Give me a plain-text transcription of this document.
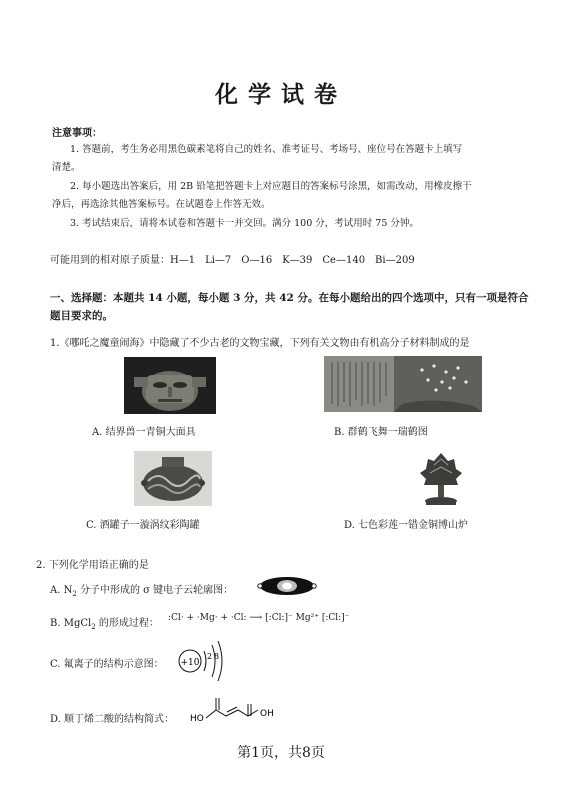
化学试卷
注意事项：
1. 答题前，考生务必用黑色碳素笔将自己的姓名、准考证号、考场号、座位号在答题卡上填写
清楚。
2. 每小题选出答案后，用 2B 铅笔把答题卡上对应题目的答案标号涂黑，如需改动，用橡皮擦干
净后，再选涂其他答案标号。在试题卷上作答无效。
3. 考试结束后，请将本试卷和答题卡一并交回。满分 100 分，考试用时 75 分钟。
可能用到的相对原子质量：H—1　Li—7　O—16　K—39　Ce—140　Bi—209
一、选择题：本题共 14 小题，每小题 3 分，共 42 分。在每小题给出的四个选项中，只有一项是符合
题目要求的。
1.《哪吒之魔童闹海》中隐藏了不少古老的文物宝藏，下列有关文物由有机高分子材料制成的是
A. 结界兽一青铜大面具	B. 群鹤飞舞一瑞鹤图
C. 酒罐子一漩涡纹彩陶罐	D. 七色彩莲一错金铜博山炉
2. 下列化学用语正确的是
A. $N_2$ 分子中形成的 σ 键电子云轮廓图：
B. MgCl$_2$ 的形成过程： :Cl· + ·Mg· + ·Cl: ⟶ [:Cl:]⁻ Mg²⁺ [:Cl:]⁻
C. 氟离子的结构示意图： +10
2 8
D. 顺丁烯二酸的结构简式： HO	OH
第1页，共8页
